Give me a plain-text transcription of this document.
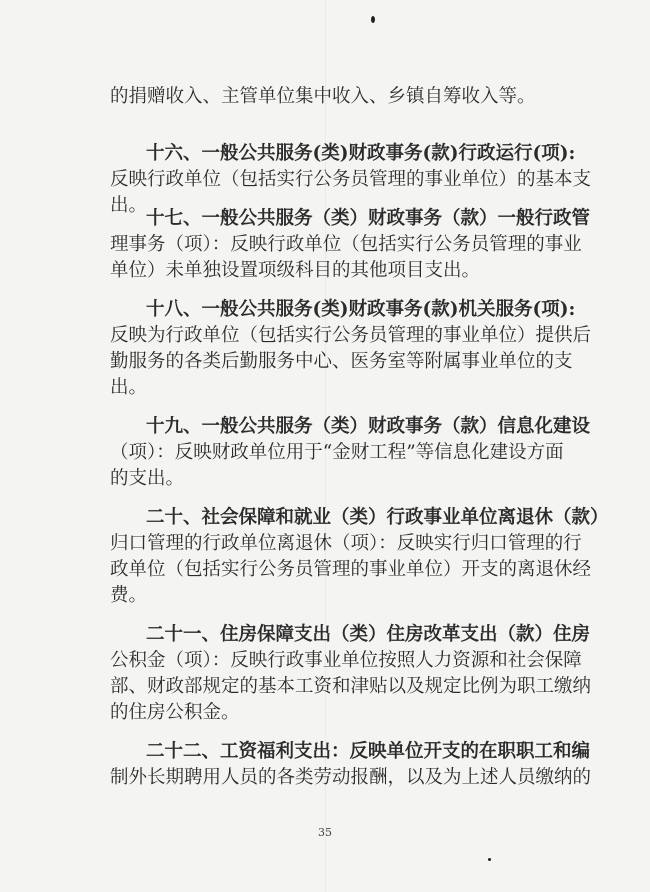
的捐赠收入、主管单位集中收入、乡镇自筹收入等。
十六、一般公共服务(类)财政事务(款)行政运行(项):
反映行政单位（包括实行公务员管理的事业单位）的基本支
出。
十七、一般公共服务（类）财政事务（款）一般行政管
理事务（项）：反映行政单位（包括实行公务员管理的事业
单位）未单独设置项级科目的其他项目支出。
十八、一般公共服务(类)财政事务(款)机关服务(项):
反映为行政单位（包括实行公务员管理的事业单位）提供后
勤服务的各类后勤服务中心、医务室等附属事业单位的支
出。
十九、一般公共服务（类）财政事务（款）信息化建设
（项）：反映财政单位用于“金财工程”等信息化建设方面
的支出。
二十、社会保障和就业（类）行政事业单位离退休（款）
归口管理的行政单位离退休（项）：反映实行归口管理的行
政单位（包括实行公务员管理的事业单位）开支的离退休经
费。
二十一、住房保障支出（类）住房改革支出（款）住房
公积金（项）：反映行政事业单位按照人力资源和社会保障
部、财政部规定的基本工资和津贴以及规定比例为职工缴纳
的住房公积金。
二十二、工资福利支出：反映单位开支的在职职工和编
制外长期聘用人员的各类劳动报酬，以及为上述人员缴纳的
35
